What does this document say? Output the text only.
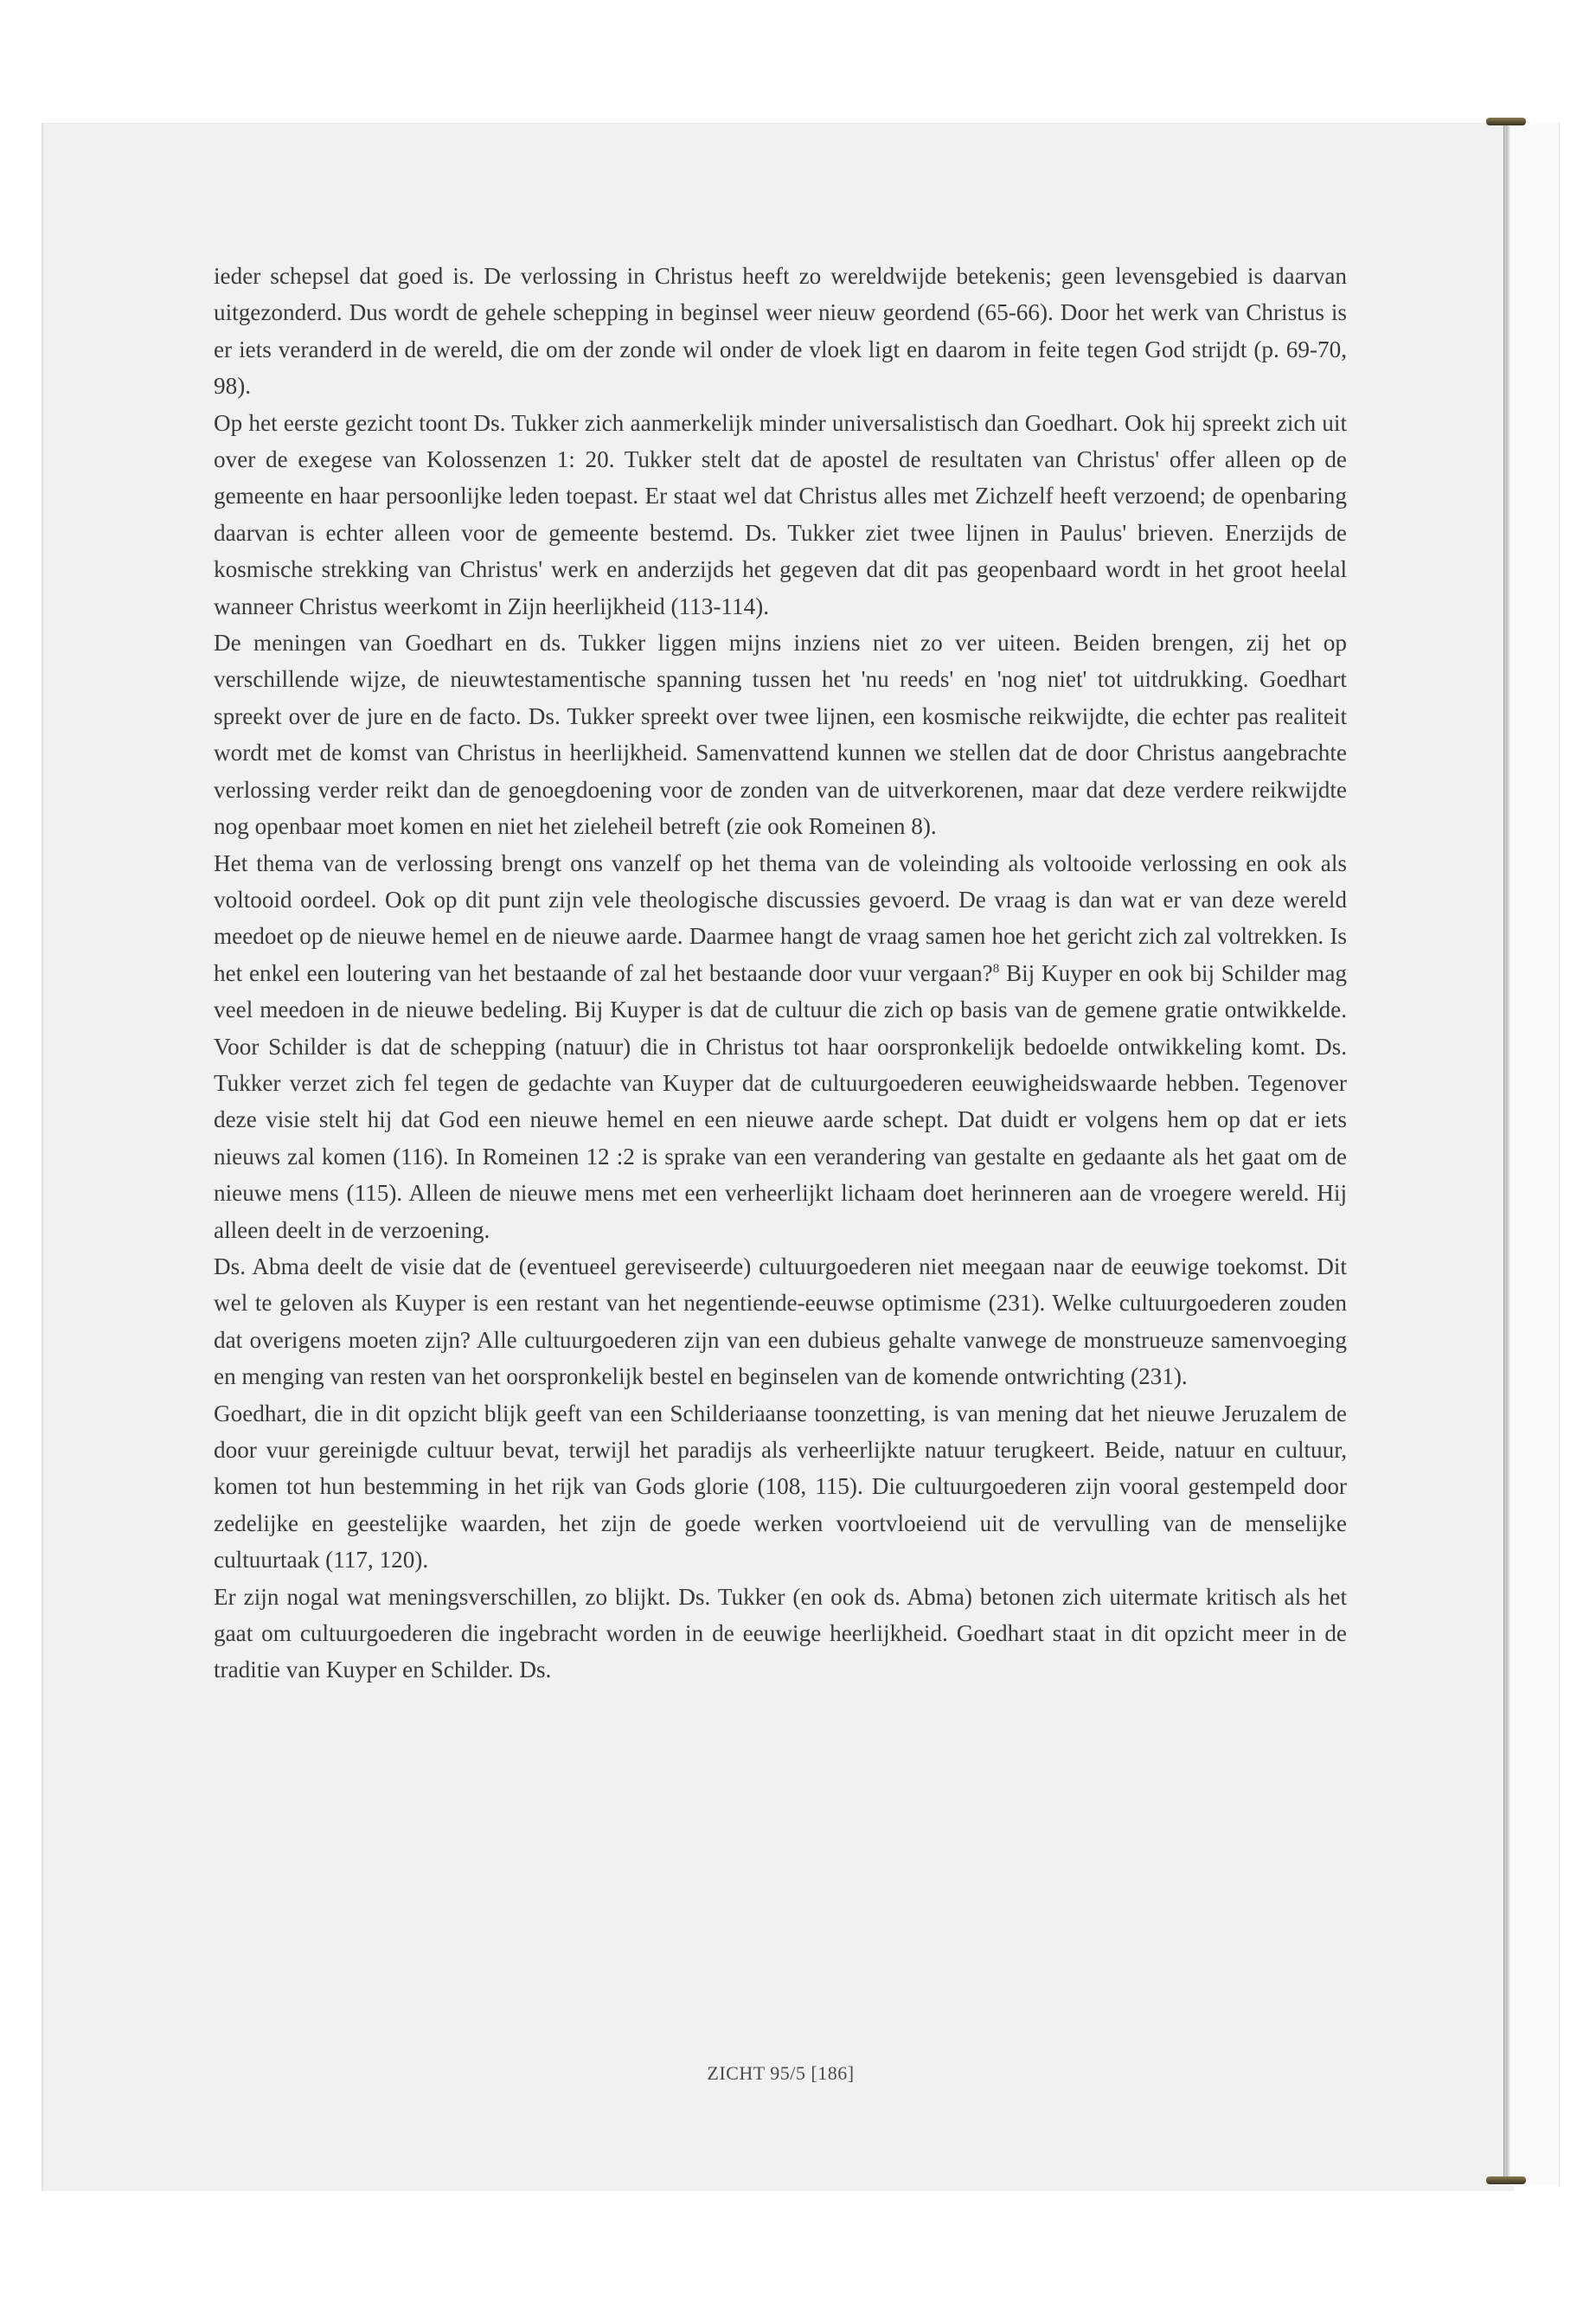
ieder schepsel dat goed is. De verlossing in Christus heeft zo wereldwijde betekenis; geen levensgebied is daarvan uitgezonderd. Dus wordt de gehele schepping in beginsel weer nieuw geordend (65-66). Door het werk van Christus is er iets veranderd in de wereld, die om der zonde wil onder de vloek ligt en daarom in feite tegen God strijdt (p. 69-70, 98).

Op het eerste gezicht toont Ds. Tukker zich aanmerkelijk minder universalistisch dan Goedhart. Ook hij spreekt zich uit over de exegese van Kolossenzen 1: 20. Tukker stelt dat de apostel de resultaten van Christus' offer alleen op de gemeente en haar persoonlijke leden toepast. Er staat wel dat Christus alles met Zichzelf heeft verzoend; de openbaring daarvan is echter alleen voor de gemeente bestemd. Ds. Tukker ziet twee lijnen in Paulus' brieven. Enerzijds de kosmische strekking van Christus' werk en anderzijds het gegeven dat dit pas geopenbaard wordt in het groot heelal wanneer Christus weerkomt in Zijn heerlijkheid (113-114).

De meningen van Goedhart en ds. Tukker liggen mijns inziens niet zo ver uiteen. Beiden brengen, zij het op verschillende wijze, de nieuwtestamentische spanning tussen het 'nu reeds' en 'nog niet' tot uitdrukking. Goedhart spreekt over de jure en de facto. Ds. Tukker spreekt over twee lijnen, een kosmische reikwijdte, die echter pas realiteit wordt met de komst van Christus in heerlijkheid. Samenvattend kunnen we stellen dat de door Christus aangebrachte verlossing verder reikt dan de genoegdoening voor de zonden van de uitverkorenen, maar dat deze verdere reikwijdte nog openbaar moet komen en niet het zieleheil betreft (zie ook Romeinen 8).

Het thema van de verlossing brengt ons vanzelf op het thema van de voleinding als voltooide verlossing en ook als voltooid oordeel. Ook op dit punt zijn vele theologische discussies gevoerd. De vraag is dan wat er van deze wereld meedoet op de nieuwe hemel en de nieuwe aarde. Daarmee hangt de vraag samen hoe het gericht zich zal voltrekken. Is het enkel een loutering van het bestaande of zal het bestaande door vuur vergaan?$^8$ Bij Kuyper en ook bij Schilder mag veel meedoen in de nieuwe bedeling. Bij Kuyper is dat de cultuur die zich op basis van de gemene gratie ontwikkelde. Voor Schilder is dat de schepping (natuur) die in Christus tot haar oorspronkelijk bedoelde ontwikkeling komt. Ds. Tukker verzet zich fel tegen de gedachte van Kuyper dat de cultuurgoederen eeuwigheidswaarde hebben. Tegenover deze visie stelt hij dat God een nieuwe hemel en een nieuwe aarde schept. Dat duidt er volgens hem op dat er iets nieuws zal komen (116). In Romeinen 12 :2 is sprake van een verandering van gestalte en gedaante als het gaat om de nieuwe mens (115). Alleen de nieuwe mens met een verheerlijkt lichaam doet herinneren aan de vroegere wereld. Hij alleen deelt in de verzoening.

Ds. Abma deelt de visie dat de (eventueel gereviseerde) cultuurgoederen niet meegaan naar de eeuwige toekomst. Dit wel te geloven als Kuyper is een restant van het negentiende-eeuwse optimisme (231). Welke cultuurgoederen zouden dat overigens moeten zijn? Alle cultuurgoederen zijn van een dubieus gehalte vanwege de monstrueuze samenvoeging en menging van resten van het oorspronkelijk bestel en beginselen van de komende ontwrichting (231).

Goedhart, die in dit opzicht blijk geeft van een Schilderiaanse toonzetting, is van mening dat het nieuwe Jeruzalem de door vuur gereinigde cultuur bevat, terwijl het paradijs als verheerlijkte natuur terugkeert. Beide, natuur en cultuur, komen tot hun bestemming in het rijk van Gods glorie (108, 115). Die cultuurgoederen zijn vooral gestempeld door zedelijke en geestelijke waarden, het zijn de goede werken voortvloeiend uit de vervulling van de menselijke cultuurtaak (117, 120).

Er zijn nogal wat meningsverschillen, zo blijkt. Ds. Tukker (en ook ds. Abma) betonen zich uitermate kritisch als het gaat om cultuurgoederen die ingebracht worden in de eeuwige heerlijkheid. Goedhart staat in dit opzicht meer in de traditie van Kuyper en Schilder. Ds.

ZICHT 95/5 [186]
